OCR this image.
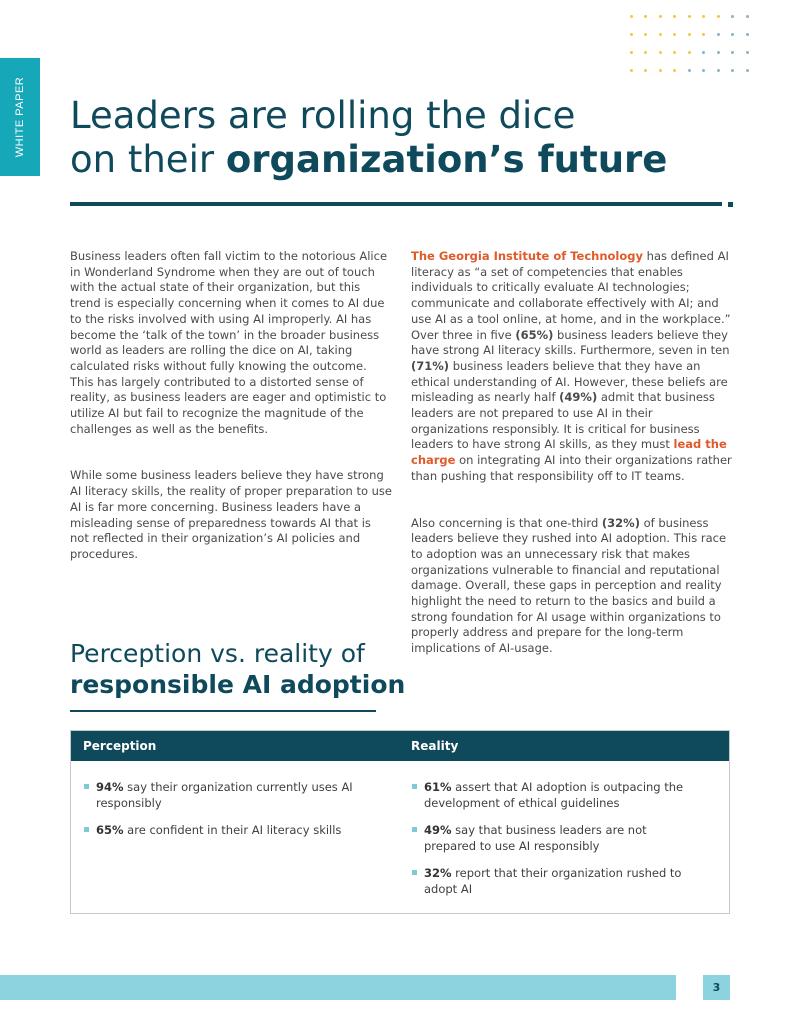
WHITE PAPER Leaders are rolling the dice
on their organization’s future

Business leaders often fall victim to the notorious Alice in Wonderland Syndrome when they are out of touch with the actual state of their organization, but this trend is especially concerning when it comes to AI due to the risks involved with using AI improperly. AI has become the ‘talk of the town’ in the broader business world as leaders are rolling the dice on AI, taking calculated risks without fully knowing the outcome. This has largely contributed to a distorted sense of reality, as business leaders are eager and optimistic to utilize AI but fail to recognize the magnitude of the challenges as well as the benefits.

While some business leaders believe they have strong AI literacy skills, the reality of proper preparation to use AI is far more concerning. Business leaders have a misleading sense of preparedness towards AI that is not reflected in their organization’s AI policies and procedures.

The Georgia Institute of Technology has defined AI literacy as “a set of competencies that enables individuals to critically evaluate AI technologies; communicate and collaborate effectively with AI; and use AI as a tool online, at home, and in the workplace.” Over three in five (65%) business leaders believe they have strong AI literacy skills. Furthermore, seven in ten (71%) business leaders believe that they have an ethical understanding of AI. However, these beliefs are misleading as nearly half (49%) admit that business leaders are not prepared to use AI in their organizations responsibly. It is critical for business leaders to have strong AI skills, as they must lead the charge on integrating AI into their organizations rather than pushing that responsibility off to IT teams.

Also concerning is that one-third (32%) of business leaders believe they rushed into AI adoption. This race to adoption was an unnecessary risk that makes organizations vulnerable to financial and reputational damage. Overall, these gaps in perception and reality highlight the need to return to the basics and build a strong foundation for AI usage within organizations to properly address and prepare for the long-term implications of AI-usage.

Perception vs. reality of
responsible AI adoption
Perception	Reality
94% say their organization currently uses AI responsibly
65% are confident in their AI literacy skills
61% assert that AI adoption is outpacing the development of ethical guidelines
49% say that business leaders are not prepared to use AI responsibly
32% report that their organization rushed to adopt AI
3
